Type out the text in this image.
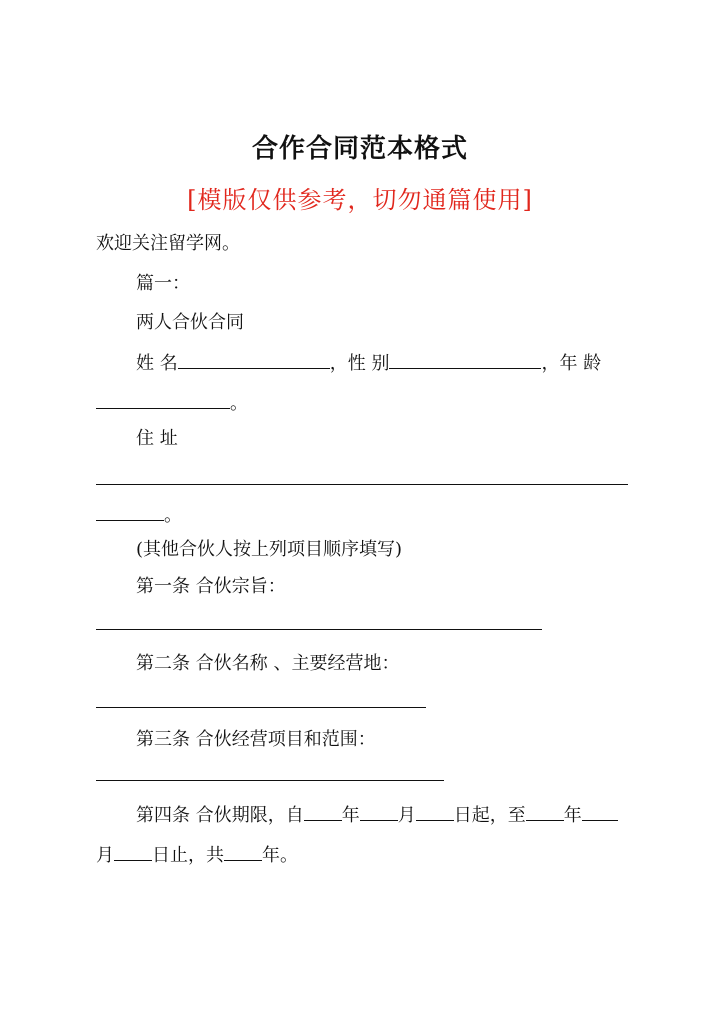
合作合同范本格式
[模版仅供参考，切勿通篇使用]
欢迎关注留学网。
篇一：
两人合伙合同
姓 名	，性 别	，年 龄
。
住 址
。
(其他合伙人按上列项目顺序填写)
第一条 合伙宗旨：
第二条 合伙名称 、主要经营地：
第三条 合伙经营项目和范围：
第四条 合伙期限，自 年 月 日起，至 年
月 日止，共 年。
